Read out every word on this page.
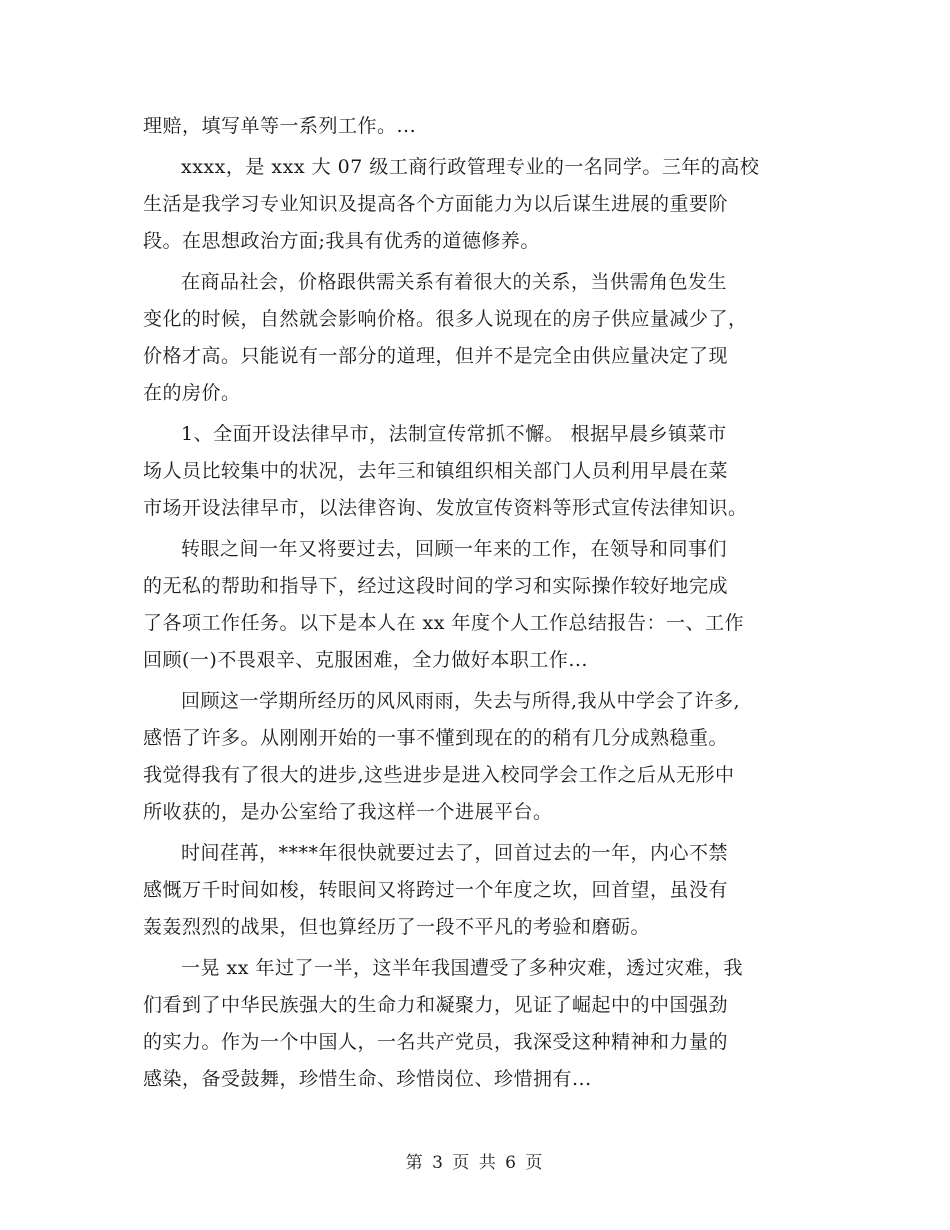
理赔，填写单等一系列工作。...
xxxx，是 xxx 大 07 级工商行政管理专业的一名同学。三年的高校
生活是我学习专业知识及提高各个方面能力为以后谋生进展的重要阶
段。在思想政治方面;我具有优秀的道德修养。
在商品社会，价格跟供需关系有着很大的关系，当供需角色发生
变化的时候，自然就会影响价格。很多人说现在的房子供应量减少了，
价格才高。只能说有一部分的道理，但并不是完全由供应量决定了现
在的房价。
1、全面开设法律早市，法制宣传常抓不懈。 根据早晨乡镇菜市
场人员比较集中的状况，去年三和镇组织相关部门人员利用早晨在菜
市场开设法律早市，以法律咨询、发放宣传资料等形式宣传法律知识。
转眼之间一年又将要过去，回顾一年来的工作，在领导和同事们
的无私的帮助和指导下，经过这段时间的学习和实际操作较好地完成
了各项工作任务。以下是本人在 xx 年度个人工作总结报告：一、工作
回顾(一)不畏艰辛、克服困难，全力做好本职工作...
回顾这一学期所经历的风风雨雨，失去与所得,我从中学会了许多,
感悟了许多。从刚刚开始的一事不懂到现在的的稍有几分成熟稳重。
我觉得我有了很大的进步,这些进步是进入校同学会工作之后从无形中
所收获的，是办公室给了我这样一个进展平台。
时间荏苒，****年很快就要过去了，回首过去的一年，内心不禁
感慨万千时间如梭，转眼间又将跨过一个年度之坎，回首望，虽没有
轰轰烈烈的战果，但也算经历了一段不平凡的考验和磨砺。
一晃 xx 年过了一半，这半年我国遭受了多种灾难，透过灾难，我
们看到了中华民族强大的生命力和凝聚力，见证了崛起中的中国强劲
的实力。作为一个中国人，一名共产党员，我深受这种精神和力量的
感染，备受鼓舞，珍惜生命、珍惜岗位、珍惜拥有...
第 3 页 共 6 页
